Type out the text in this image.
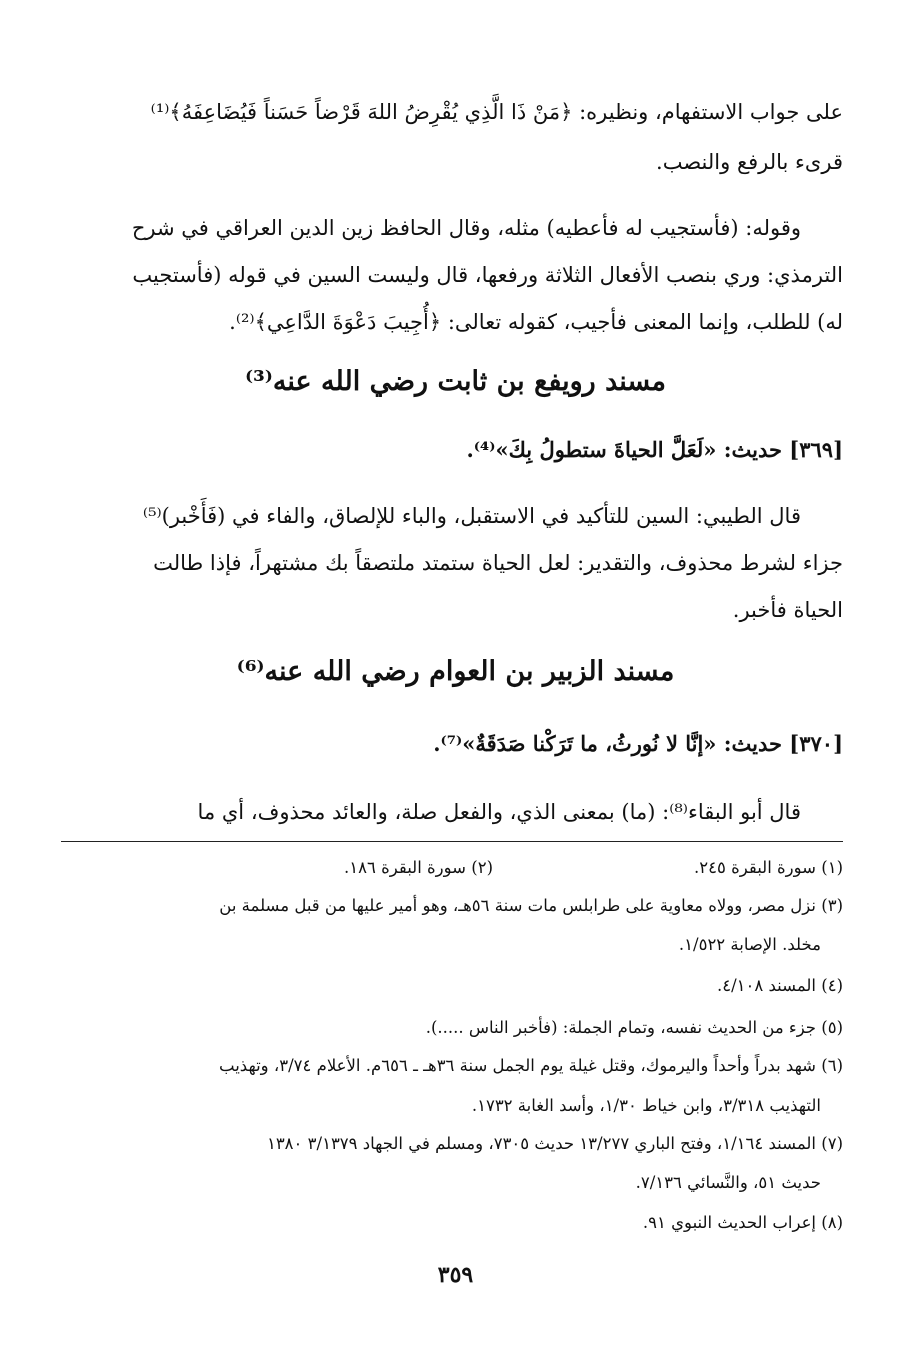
على جواب الاستفهام، ونظيره: ﴿مَنْ ذَا الَّذِي يُقْرِضُ اللهَ قَرْضاً حَسَناً فَيُضَاعِفَهُ﴾⁽¹⁾
قرىء بالرفع والنصب.
وقوله: (فأستجيب له فأعطيه) مثله، وقال الحافظ زين الدين العراقي في شرح
الترمذي: وري بنصب الأفعال الثلاثة ورفعها، قال وليست السين في قوله (فأستجيب
له) للطلب، وإنما المعنى فأجيب، كقوله تعالى: ﴿أُجِيبَ دَعْوَةَ الدَّاعِي﴾⁽²⁾.
مسند رويفع بن ثابت رضي الله عنه⁽³⁾
[٣٦٩] حديث: «لَعَلَّ الحياةَ ستطولُ بِكَ»⁽⁴⁾.
قال الطيبي: السين للتأكيد في الاستقبل، والباء للإلصاق، والفاء في (فَأَخْبر)⁽⁵⁾
جزاء لشرط محذوف، والتقدير: لعل الحياة ستمتد ملتصقاً بك مشتهراً، فإذا طالت
الحياة فأخبر.
مسند الزبير بن العوام رضي الله عنه⁽⁶⁾
[٣٧٠] حديث: «إنَّا لا نُورثُ، ما تَرَكْنا صَدَقَةٌ»⁽⁷⁾.
قال أبو البقاء⁽⁸⁾: (ما) بمعنى الذي، والفعل صلة، والعائد محذوف، أي ما
(١) سورة البقرة ٢٤٥.
(٢) سورة البقرة ١٨٦.
(٣) نزل مصر، وولاه معاوية على طرابلس مات سنة ٥٦هـ، وهو أمير عليها من قبل مسلمة بن
مخلد. الإصابة ١/٥٢٢.
(٤) المسند ٤/١٠٨.
(٥) جزء من الحديث نفسه، وتمام الجملة: (فأخبر الناس .....).
(٦) شهد بدراً وأحداً واليرموك، وقتل غيلة يوم الجمل سنة ٣٦هـ ـ ٦٥٦م. الأعلام ٣/٧٤، وتهذيب
التهذيب ٣/٣١٨، وابن خياط ١/٣٠، وأسد الغابة ١٧٣٢.
(٧) المسند ١/١٦٤، وفتح الباري ١٣/٢٧٧ حديث ٧٣٠٥، ومسلم في الجهاد ٣/١٣٧٩ ١٣٨٠
حديث ٥١، والنَّسائي ٧/١٣٦.
(٨) إعراب الحديث النبوي ٩١.
٣٥٩
